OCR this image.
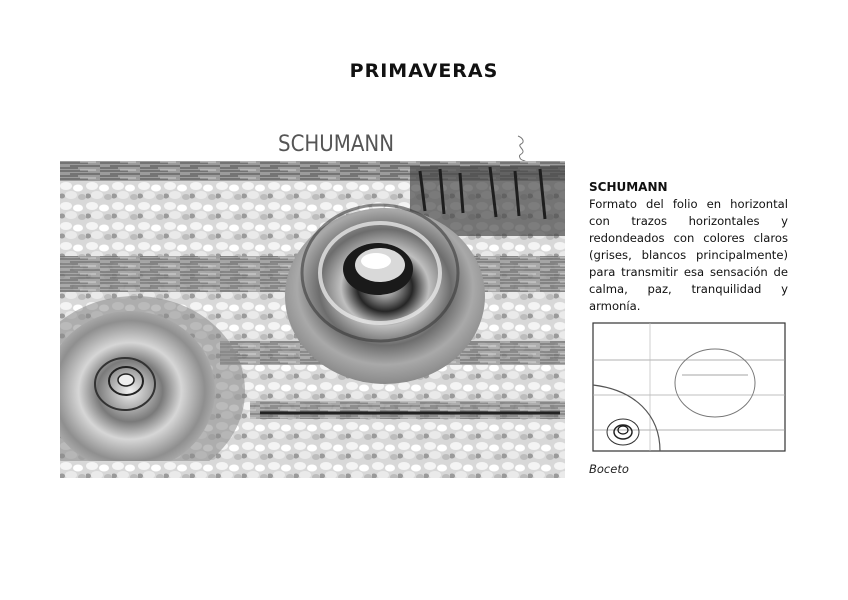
PRIMAVERAS
SCHUMANN

SCHUMANN

Formato del folio en horizontal con trazos horizontales y redondeados con colores claros (grises, blancos principalmente) para transmitir esa sensación de calma, paz, tranquilidad y armonía.

Boceto
